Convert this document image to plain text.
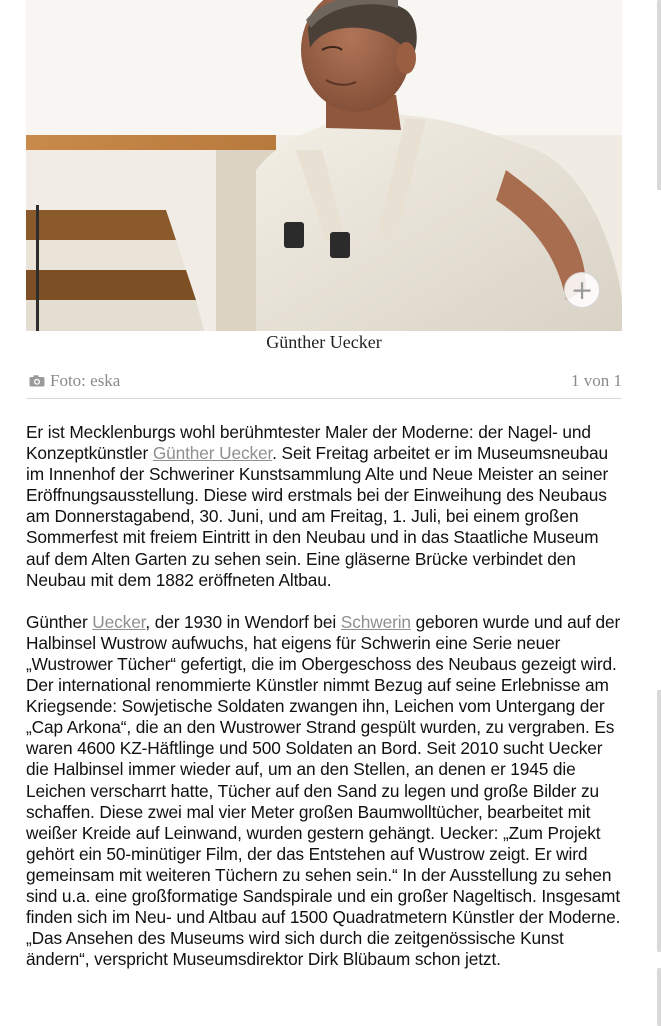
+
Günther Uecker
Foto: eska	1 von 1

Er ist Mecklenburgs wohl berühmtester Maler der Moderne: der Nagel- und Konzeptkünstler Günther Uecker. Seit Freitag arbeitet er im Museumsneubau im Innenhof der Schweriner Kunstsammlung Alte und Neue Meister an seiner Eröffnungsausstellung. Diese wird erstmals bei der Einweihung des Neubaus am Donnerstagabend, 30. Juni, und am Freitag, 1. Juli, bei einem großen Sommerfest mit freiem Eintritt in den Neubau und in das Staatliche Museum auf dem Alten Garten zu sehen sein. Eine gläserne Brücke verbindet den Neubau mit dem 1882 eröffneten Altbau.

Günther Uecker, der 1930 in Wendorf bei Schwerin geboren wurde und auf der Halbinsel Wustrow aufwuchs, hat eigens für Schwerin eine Serie neuer „Wustrower Tücher“ gefertigt, die im Obergeschoss des Neubaus gezeigt wird. Der international renommierte Künstler nimmt Bezug auf seine Erlebnisse am Kriegsende: Sowjetische Soldaten zwangen ihn, Leichen vom Untergang der „Cap Arkona“, die an den Wustrower Strand gespült wurden, zu vergraben. Es waren 4600 KZ-Häftlinge und 500 Soldaten an Bord. Seit 2010 sucht Uecker die Halbinsel immer wieder auf, um an den Stellen, an denen er 1945 die Leichen verscharrt hatte, Tücher auf den Sand zu legen und große Bilder zu schaffen. Diese zwei mal vier Meter großen Baumwolltücher, bearbeitet mit weißer Kreide auf Leinwand, wurden gestern gehängt. Uecker: „Zum Projekt gehört ein 50-minütiger Film, der das Entstehen auf Wustrow zeigt. Er wird gemeinsam mit weiteren Tüchern zu sehen sein.“ In der Ausstellung zu sehen sind u.a. eine großformatige Sandspirale und ein großer Nageltisch. Insgesamt finden sich im Neu- und Altbau auf 1500 Quadratmetern Künstler der Moderne. „Das Ansehen des Museums wird sich durch die zeitgenössische Kunst ändern“, verspricht Museumsdirektor Dirk Blübaum schon jetzt.
